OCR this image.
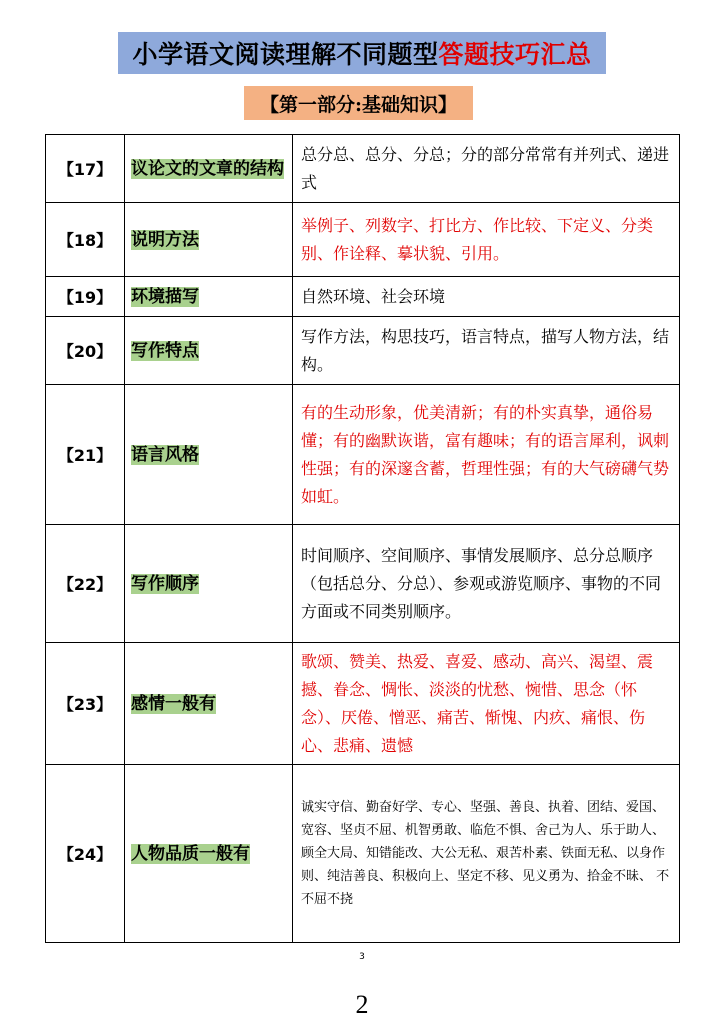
小学语文阅读理解不同题型 答题技巧汇总
【第一部分:基础知识】
【17】	议论文的文章的结构	总分总、总分、分总；分的部分常常有并列式、递进式
【18】	说明方法	举例子、列数字、打比方、作比较、下定义、分类别、作诠释、摹状貌、引用。
【19】	环境描写	自然环境、社会环境
【20】	写作特点	写作方法，构思技巧，语言特点，描写人物方法，结构。
【21】	语言风格	有的生动形象，优美清新；有的朴实真挚，通俗易懂；有的幽默诙谐，富有趣味；有的语言犀利，讽刺性强；有的深邃含蓄，哲理性强；有的大气磅礴气势如虹。
【22】	写作顺序	时间顺序、空间顺序、事情发展顺序、总分总顺序（包括总分、分总）、参观或游览顺序、事物的不同方面或不同类别顺序。
【23】	感情一般有	歌颂、赞美、热爱、喜爱、感动、高兴、渴望、震撼、眷念、惆怅、淡淡的忧愁、惋惜、思念（怀念）、厌倦、憎恶、痛苦、惭愧、内疚、痛恨、伤心、悲痛、遗憾
【24】	人物品质一般有	诚实守信、勤奋好学、专心、坚强、善良、执着、团结、爱国、宽容、坚贞不屈、机智勇敢、临危不惧、舍己为人、乐于助人、顾全大局、知错能改、大公无私、艰苦朴素、铁面无私、以身作则、纯洁善良、积极向上、坚定不移、见义勇为、拾金不昧、 不不屈不挠
3
2
